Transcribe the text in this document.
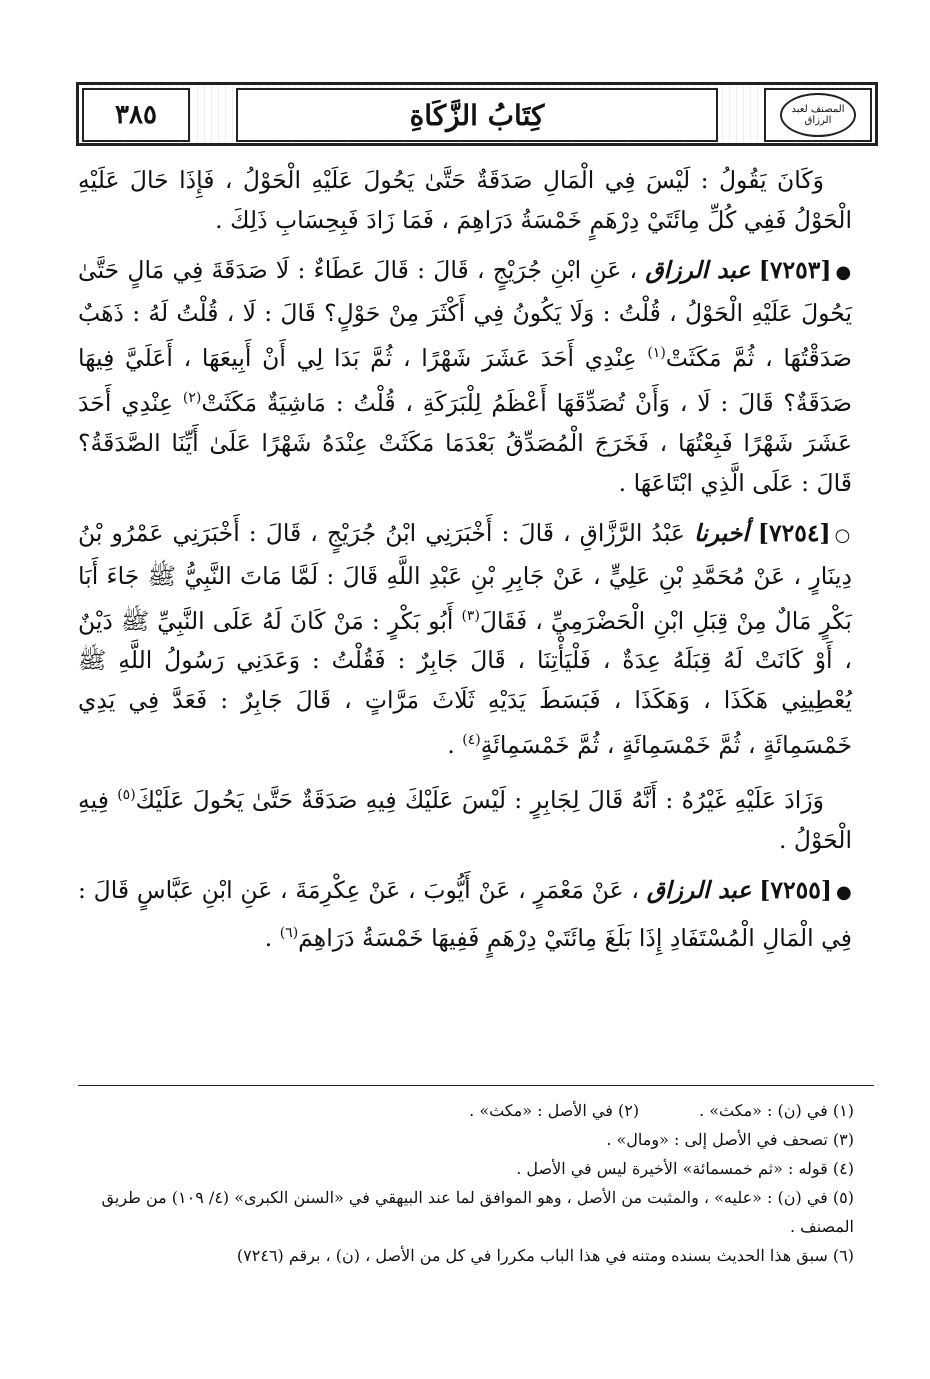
٣٨٥	كِتَابُ الزَّكَاةِ	المصنف لعبد الرزاق

وَكَانَ يَقُولُ : لَيْسَ فِي الْمَالِ صَدَقَةٌ حَتَّىٰ يَحُولَ عَلَيْهِ الْحَوْلُ ، فَإِذَا حَالَ عَلَيْهِ الْحَوْلُ فَفِي كُلِّ مِائَتَيْ دِرْهَمٍ خَمْسَةُ دَرَاهِمَ ، فَمَا زَادَ فَبِحِسَابِ ذَلِكَ .

●[٧٢٥٣] عبد الرزاق ، عَنِ ابْنِ جُرَيْجٍ ، قَالَ : قَالَ عَطَاءٌ : لَا صَدَقَةَ فِي مَالٍ حَتَّىٰ يَحُولَ عَلَيْهِ الْحَوْلُ ، قُلْتُ : وَلَا يَكُونُ فِي أَكْثَرَ مِنْ حَوْلٍ؟ قَالَ : لَا ، قُلْتُ لَهُ : ذَهَبٌ صَدَقْتُهَا ، ثُمَّ مَكَثَتْ$^{(١)}$ عِنْدِي أَحَدَ عَشَرَ شَهْرًا ، ثُمَّ بَدَا لِي أَنْ أَبِيعَهَا ، أَعَلَيَّ فِيهَا صَدَقَةٌ؟ قَالَ : لَا ، وَأَنْ تُصَدِّقَهَا أَعْظَمُ لِلْبَرَكَةِ ، قُلْتُ : مَاشِيَةٌ مَكَثَتْ$^{(٢)}$ عِنْدِي أَحَدَ عَشَرَ شَهْرًا فَبِعْتُهَا ، فَخَرَجَ الْمُصَدِّقُ بَعْدَمَا مَكَثَتْ عِنْدَهُ شَهْرًا عَلَىٰ أَيِّنَا الصَّدَقَةُ؟ قَالَ : عَلَى الَّذِي ابْتَاعَهَا .

○[٧٢٥٤] أخبرنا عَبْدُ الرَّزَّاقِ ، قَالَ : أَخْبَرَنِي ابْنُ جُرَيْجٍ ، قَالَ : أَخْبَرَنِي عَمْرُو بْنُ دِينَارٍ ، عَنْ مُحَمَّدِ بْنِ عَلِيٍّ ، عَنْ جَابِرِ بْنِ عَبْدِ اللَّهِ قَالَ : لَمَّا مَاتَ النَّبِيُّ ﷺ جَاءَ أَبَا بَكْرٍ مَالٌ مِنْ قِبَلِ ابْنِ الْحَضْرَمِيِّ ، فَقَالَ$^{(٣)}$ أَبُو بَكْرٍ : مَنْ كَانَ لَهُ عَلَى النَّبِيِّ ﷺ دَيْنٌ ، أَوْ كَانَتْ لَهُ قِبَلَهُ عِدَةٌ ، فَلْيَأْتِنَا ، قَالَ جَابِرٌ : فَقُلْتُ : وَعَدَنِي رَسُولُ اللَّهِ ﷺ يُعْطِينِي هَكَذَا ، وَهَكَذَا ، فَبَسَطَ يَدَيْهِ ثَلَاثَ مَرَّاتٍ ، قَالَ جَابِرٌ : فَعَدَّ فِي يَدِي خَمْسَمِائَةٍ ، ثُمَّ خَمْسَمِائَةٍ ، ثُمَّ خَمْسَمِائَةٍ$^{(٤)}$ .

وَزَادَ عَلَيْهِ غَيْرُهُ : أَنَّهُ قَالَ لِجَابِرٍ : لَيْسَ عَلَيْكَ فِيهِ صَدَقَةٌ حَتَّىٰ يَحُولَ عَلَيْكَ$^{(٥)}$ فِيهِ الْحَوْلُ .

●[٧٢٥٥] عبد الرزاق ، عَنْ مَعْمَرٍ ، عَنْ أَيُّوبَ ، عَنْ عِكْرِمَةَ ، عَنِ ابْنِ عَبَّاسٍ قَالَ : فِي الْمَالِ الْمُسْتَفَادِ إِذَا بَلَغَ مِائَتَيْ دِرْهَمٍ فَفِيهَا خَمْسَةُ دَرَاهِمَ$^{(٦)}$ .

(١) في (ن) : «مكث» .

(٢) في الأصل : «مكث» .

(٣) تصحف في الأصل إلى : «ومال» .

(٤) قوله : «ثم خمسمائة» الأخيرة ليس في الأصل .

(٥) في (ن) : «عليه» ، والمثبت من الأصل ، وهو الموافق لما عند البيهقي في «السنن الكبرى» (٤/ ١٠٩) من طريق المصنف .

(٦) سبق هذا الحديث بسنده ومتنه في هذا الباب مكررا في كل من الأصل ، (ن) ، برقم (٧٢٤٦)
